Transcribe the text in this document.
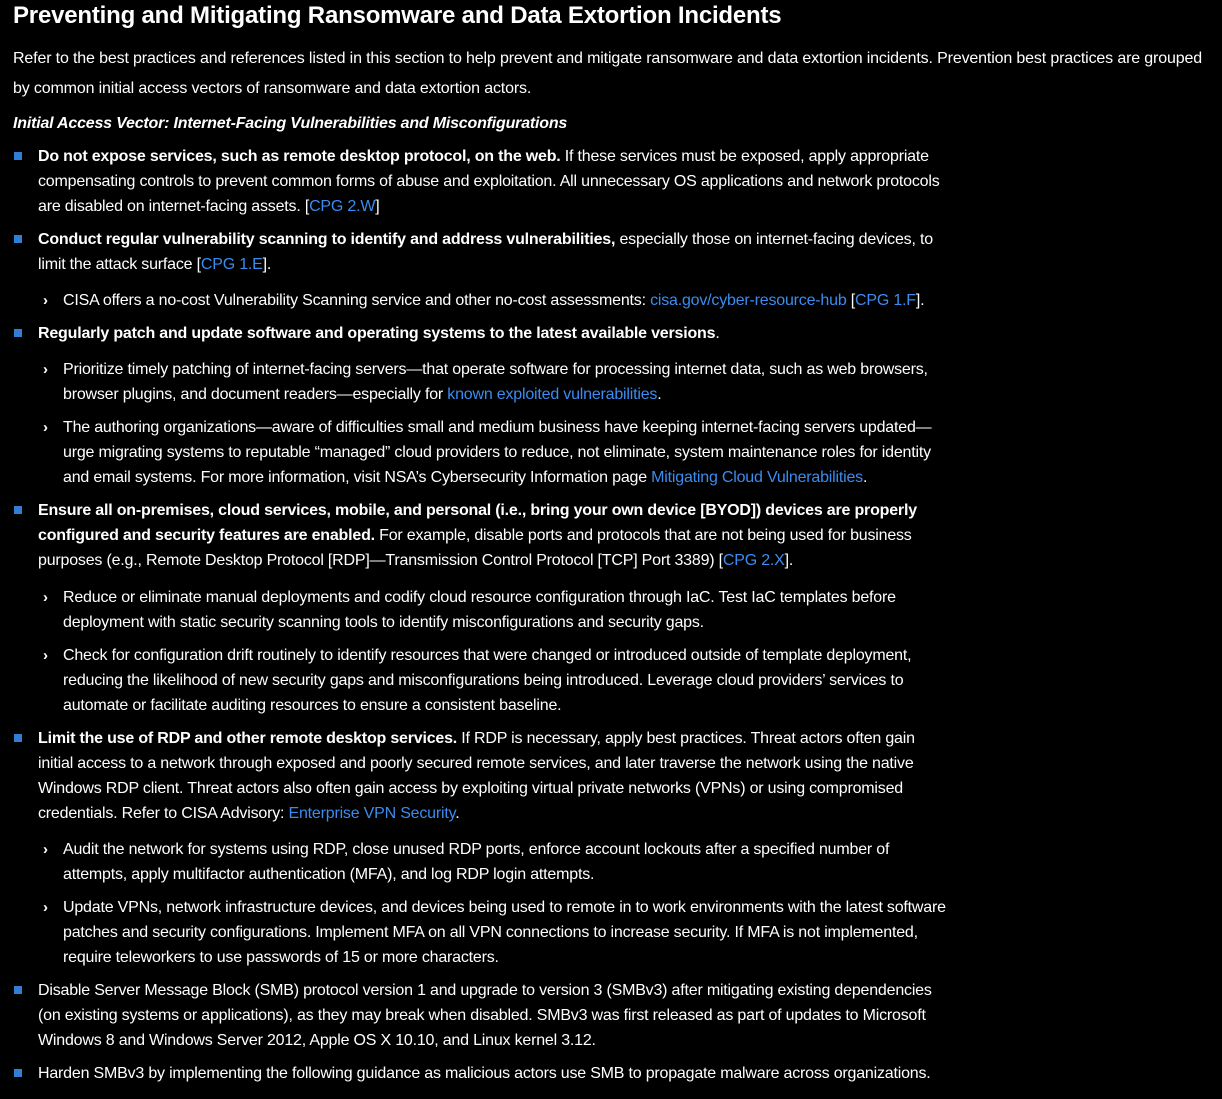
Preventing and Mitigating Ransomware and Data Extortion Incidents

Refer to the best practices and references listed in this section to help prevent and mitigate ransomware and data extortion incidents. Prevention best practices are grouped by common initial access vectors of ransomware and data extortion actors.

Initial Access Vector: Internet-Facing Vulnerabilities and Misconfigurations

Do not expose services, such as remote desktop protocol, on the web. If these services must be exposed, apply appropriate compensating controls to prevent common forms of abuse and exploitation. All unnecessary OS applications and network protocols are disabled on internet-facing assets. [CPG 2.W]
Conduct regular vulnerability scanning to identify and address vulnerabilities, especially those on internet-facing devices, to limit the attack surface [CPG 1.E].
› CISA offers a no-cost Vulnerability Scanning service and other no-cost assessments: cisa.gov/cyber-resource-hub [CPG 1.F].
Regularly patch and update software and operating systems to the latest available versions.
› Prioritize timely patching of internet-facing servers—that operate software for processing internet data, such as web browsers, browser plugins, and document readers—especially for known exploited vulnerabilities.
› The authoring organizations—aware of difficulties small and medium business have keeping internet-facing servers updated—urge migrating systems to reputable “managed” cloud providers to reduce, not eliminate, system maintenance roles for identity and email systems. For more information, visit NSA’s Cybersecurity Information page Mitigating Cloud Vulnerabilities.
Ensure all on-premises, cloud services, mobile, and personal (i.e., bring your own device [BYOD]) devices are properly configured and security features are enabled. For example, disable ports and protocols that are not being used for business purposes (e.g., Remote Desktop Protocol [RDP]—Transmission Control Protocol [TCP] Port 3389) [CPG 2.X].
› Reduce or eliminate manual deployments and codify cloud resource configuration through IaC. Test IaC templates before deployment with static security scanning tools to identify misconfigurations and security gaps.
› Check for configuration drift routinely to identify resources that were changed or introduced outside of template deployment, reducing the likelihood of new security gaps and misconfigurations being introduced. Leverage cloud providers’ services to automate or facilitate auditing resources to ensure a consistent baseline.
Limit the use of RDP and other remote desktop services. If RDP is necessary, apply best practices. Threat actors often gain initial access to a network through exposed and poorly secured remote services, and later traverse the network using the native Windows RDP client. Threat actors also often gain access by exploiting virtual private networks (VPNs) or using compromised credentials. Refer to CISA Advisory: Enterprise VPN Security.
› Audit the network for systems using RDP, close unused RDP ports, enforce account lockouts after a specified number of attempts, apply multifactor authentication (MFA), and log RDP login attempts.
› Update VPNs, network infrastructure devices, and devices being used to remote in to work environments with the latest software patches and security configurations. Implement MFA on all VPN connections to increase security. If MFA is not implemented, require teleworkers to use passwords of 15 or more characters.
Disable Server Message Block (SMB) protocol version 1 and upgrade to version 3 (SMBv3) after mitigating existing dependencies (on existing systems or applications), as they may break when disabled. SMBv3 was first released as part of updates to Microsoft Windows 8 and Windows Server 2012, Apple OS X 10.10, and Linux kernel 3.12.
Harden SMBv3 by implementing the following guidance as malicious actors use SMB to propagate malware across organizations.
